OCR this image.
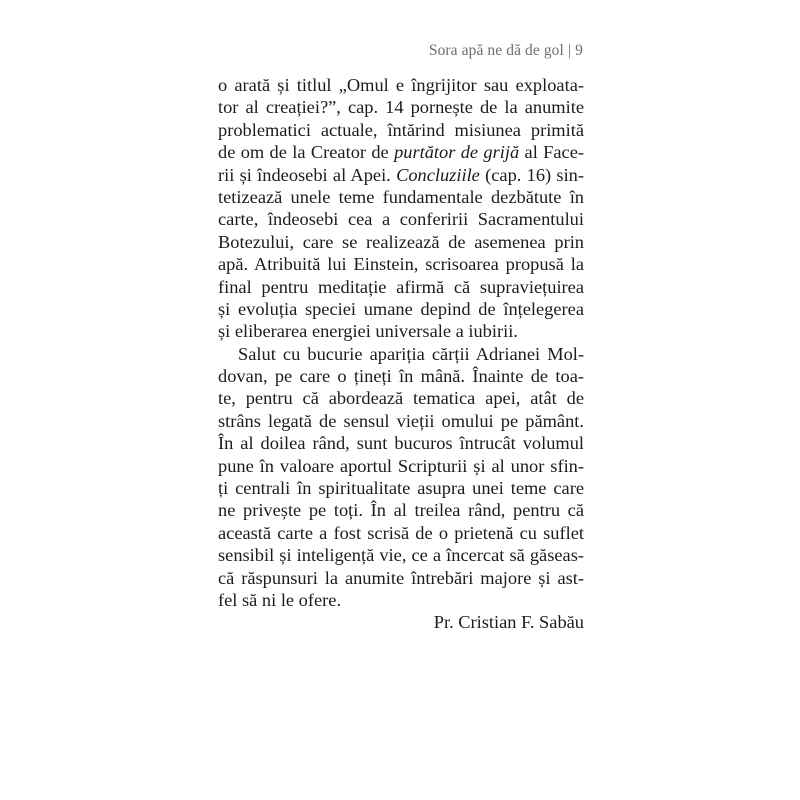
Sora apă ne dă de gol | 9
o arată și titlul „Omul e îngrijitor sau exploata-
tor al creației?”, cap. 14 pornește de la anumite
problematici actuale, întărind misiunea primită
de om de la Creator de purtător de grijă al Face-
rii și îndeosebi al Apei. Concluziile (cap. 16) sin-
tetizează unele teme fundamentale dezbătute în
carte, îndeosebi cea a conferirii Sacramentului
Botezului, care se realizează de asemenea prin
apă. Atribuită lui Einstein, scrisoarea propusă la
final pentru meditație afirmă că supraviețuirea
și evoluția speciei umane depind de înțelegerea
și eliberarea energiei universale a iubirii.
Salut cu bucurie apariția cărții Adrianei Mol-
dovan, pe care o țineți în mână. Înainte de toa-
te, pentru că abordează tematica apei, atât de
strâns legată de sensul vieții omului pe pământ.
În al doilea rând, sunt bucuros întrucât volumul
pune în valoare aportul Scripturii și al unor sfin-
ți centrali în spiritualitate asupra unei teme care
ne privește pe toți. În al treilea rând, pentru că
această carte a fost scrisă de o prietenă cu suflet
sensibil și inteligență vie, ce a încercat să găseas-
că răspunsuri la anumite întrebări majore și ast-
fel să ni le ofere.
Pr. Cristian F. Sabău
